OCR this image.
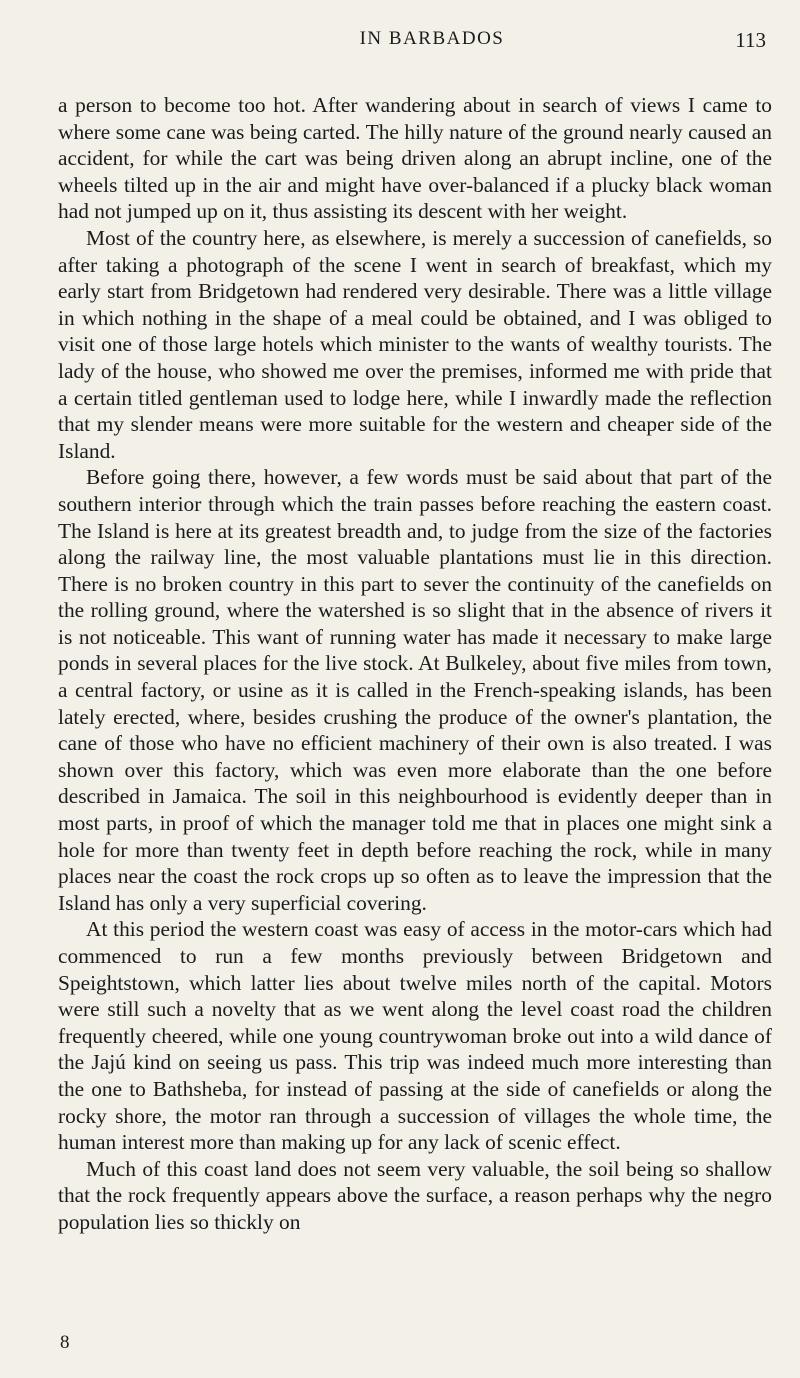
IN BARBADOS	113

a person to become too hot. After wandering about in search of views I came to where some cane was being carted. The hilly nature of the ground nearly caused an accident, for while the cart was being driven along an abrupt incline, one of the wheels tilted up in the air and might have over-balanced if a plucky black woman had not jumped up on it, thus assisting its descent with her weight.

Most of the country here, as elsewhere, is merely a succession of canefields, so after taking a photograph of the scene I went in search of breakfast, which my early start from Bridgetown had rendered very desirable. There was a little village in which nothing in the shape of a meal could be obtained, and I was obliged to visit one of those large hotels which minister to the wants of wealthy tourists. The lady of the house, who showed me over the premises, informed me with pride that a certain titled gentleman used to lodge here, while I inwardly made the reflection that my slender means were more suitable for the western and cheaper side of the Island.

Before going there, however, a few words must be said about that part of the southern interior through which the train passes before reaching the eastern coast. The Island is here at its greatest breadth and, to judge from the size of the factories along the railway line, the most valuable plantations must lie in this direction. There is no broken country in this part to sever the continuity of the canefields on the rolling ground, where the watershed is so slight that in the absence of rivers it is not noticeable. This want of running water has made it necessary to make large ponds in several places for the live stock. At Bulkeley, about five miles from town, a central factory, or usine as it is called in the French-speaking islands, has been lately erected, where, besides crushing the produce of the owner's plantation, the cane of those who have no efficient machinery of their own is also treated. I was shown over this factory, which was even more elaborate than the one before described in Jamaica. The soil in this neighbourhood is evidently deeper than in most parts, in proof of which the manager told me that in places one might sink a hole for more than twenty feet in depth before reaching the rock, while in many places near the coast the rock crops up so often as to leave the impression that the Island has only a very superficial covering.

At this period the western coast was easy of access in the motor-cars which had commenced to run a few months previously between Bridgetown and Speightstown, which latter lies about twelve miles north of the capital. Motors were still such a novelty that as we went along the level coast road the children frequently cheered, while one young countrywoman broke out into a wild dance of the Jajú kind on seeing us pass. This trip was indeed much more interesting than the one to Bathsheba, for instead of passing at the side of canefields or along the rocky shore, the motor ran through a succession of villages the whole time, the human interest more than making up for any lack of scenic effect.

Much of this coast land does not seem very valuable, the soil being so shallow that the rock frequently appears above the surface, a reason perhaps why the negro population lies so thickly on

8
